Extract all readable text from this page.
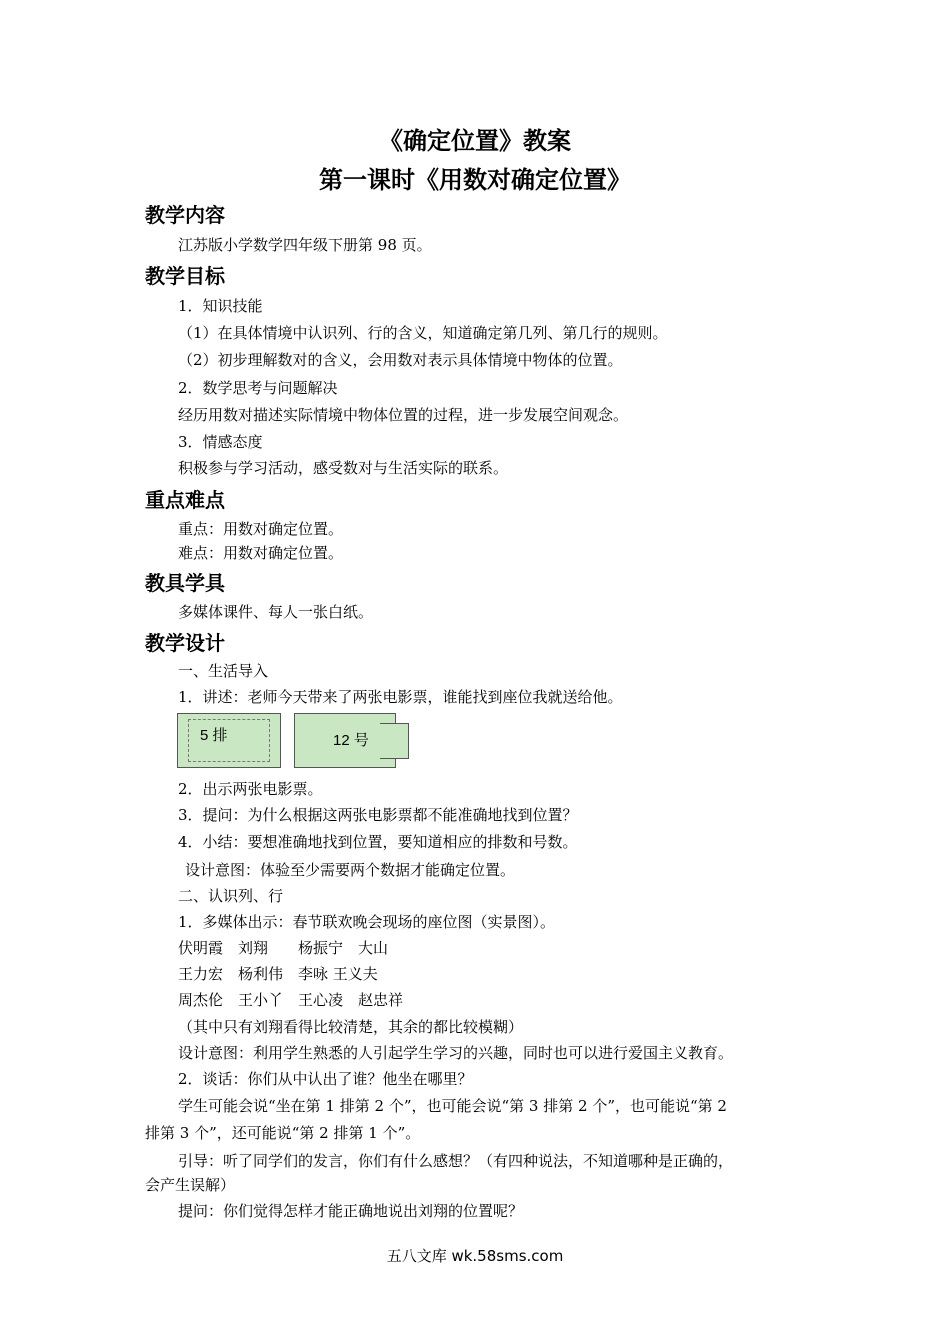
《确定位置》教案
第一课时《用数对确定位置》
教学内容
江苏版小学数学四年级下册第 98 页。
教学目标
1．知识技能
（1）在具体情境中认识列、行的含义，知道确定第几列、第几行的规则。
（2）初步理解数对的含义，会用数对表示具体情境中物体的位置。
2．数学思考与问题解决
经历用数对描述实际情境中物体位置的过程，进一步发展空间观念。
3．情感态度
积极参与学习活动，感受数对与生活实际的联系。
重点难点
重点：用数对确定位置。
难点：用数对确定位置。
教具学具
多媒体课件、每人一张白纸。
教学设计
一、生活导入
1．讲述：老师今天带来了两张电影票，谁能找到座位我就送给他。
5 排	12 号
2．出示两张电影票。
3．提问：为什么根据这两张电影票都不能准确地找到位置？
4．小结：要想准确地找到位置，要知道相应的排数和号数。
设计意图：体验至少需要两个数据才能确定位置。
二、认识列、行
1．多媒体出示：春节联欢晚会现场的座位图（实景图）。
伏明霞　刘翔　　杨振宁　大山
王力宏　杨利伟　李咏 王义夫
周杰伦　王小丫　王心凌　赵忠祥
（其中只有刘翔看得比较清楚，其余的都比较模糊）
设计意图：利用学生熟悉的人引起学生学习的兴趣，同时也可以进行爱国主义教育。
2．谈话：你们从中认出了谁？他坐在哪里？
学生可能会说“坐在第 1 排第 2 个”，也可能会说“第 3 排第 2 个”，也可能说“第 2
排第 3 个”，还可能说“第 2 排第 1 个”。
引导：听了同学们的发言，你们有什么感想？（有四种说法，不知道哪种是正确的，
会产生误解）
提问：你们觉得怎样才能正确地说出刘翔的位置呢？
五八文库 wk.58sms.com
